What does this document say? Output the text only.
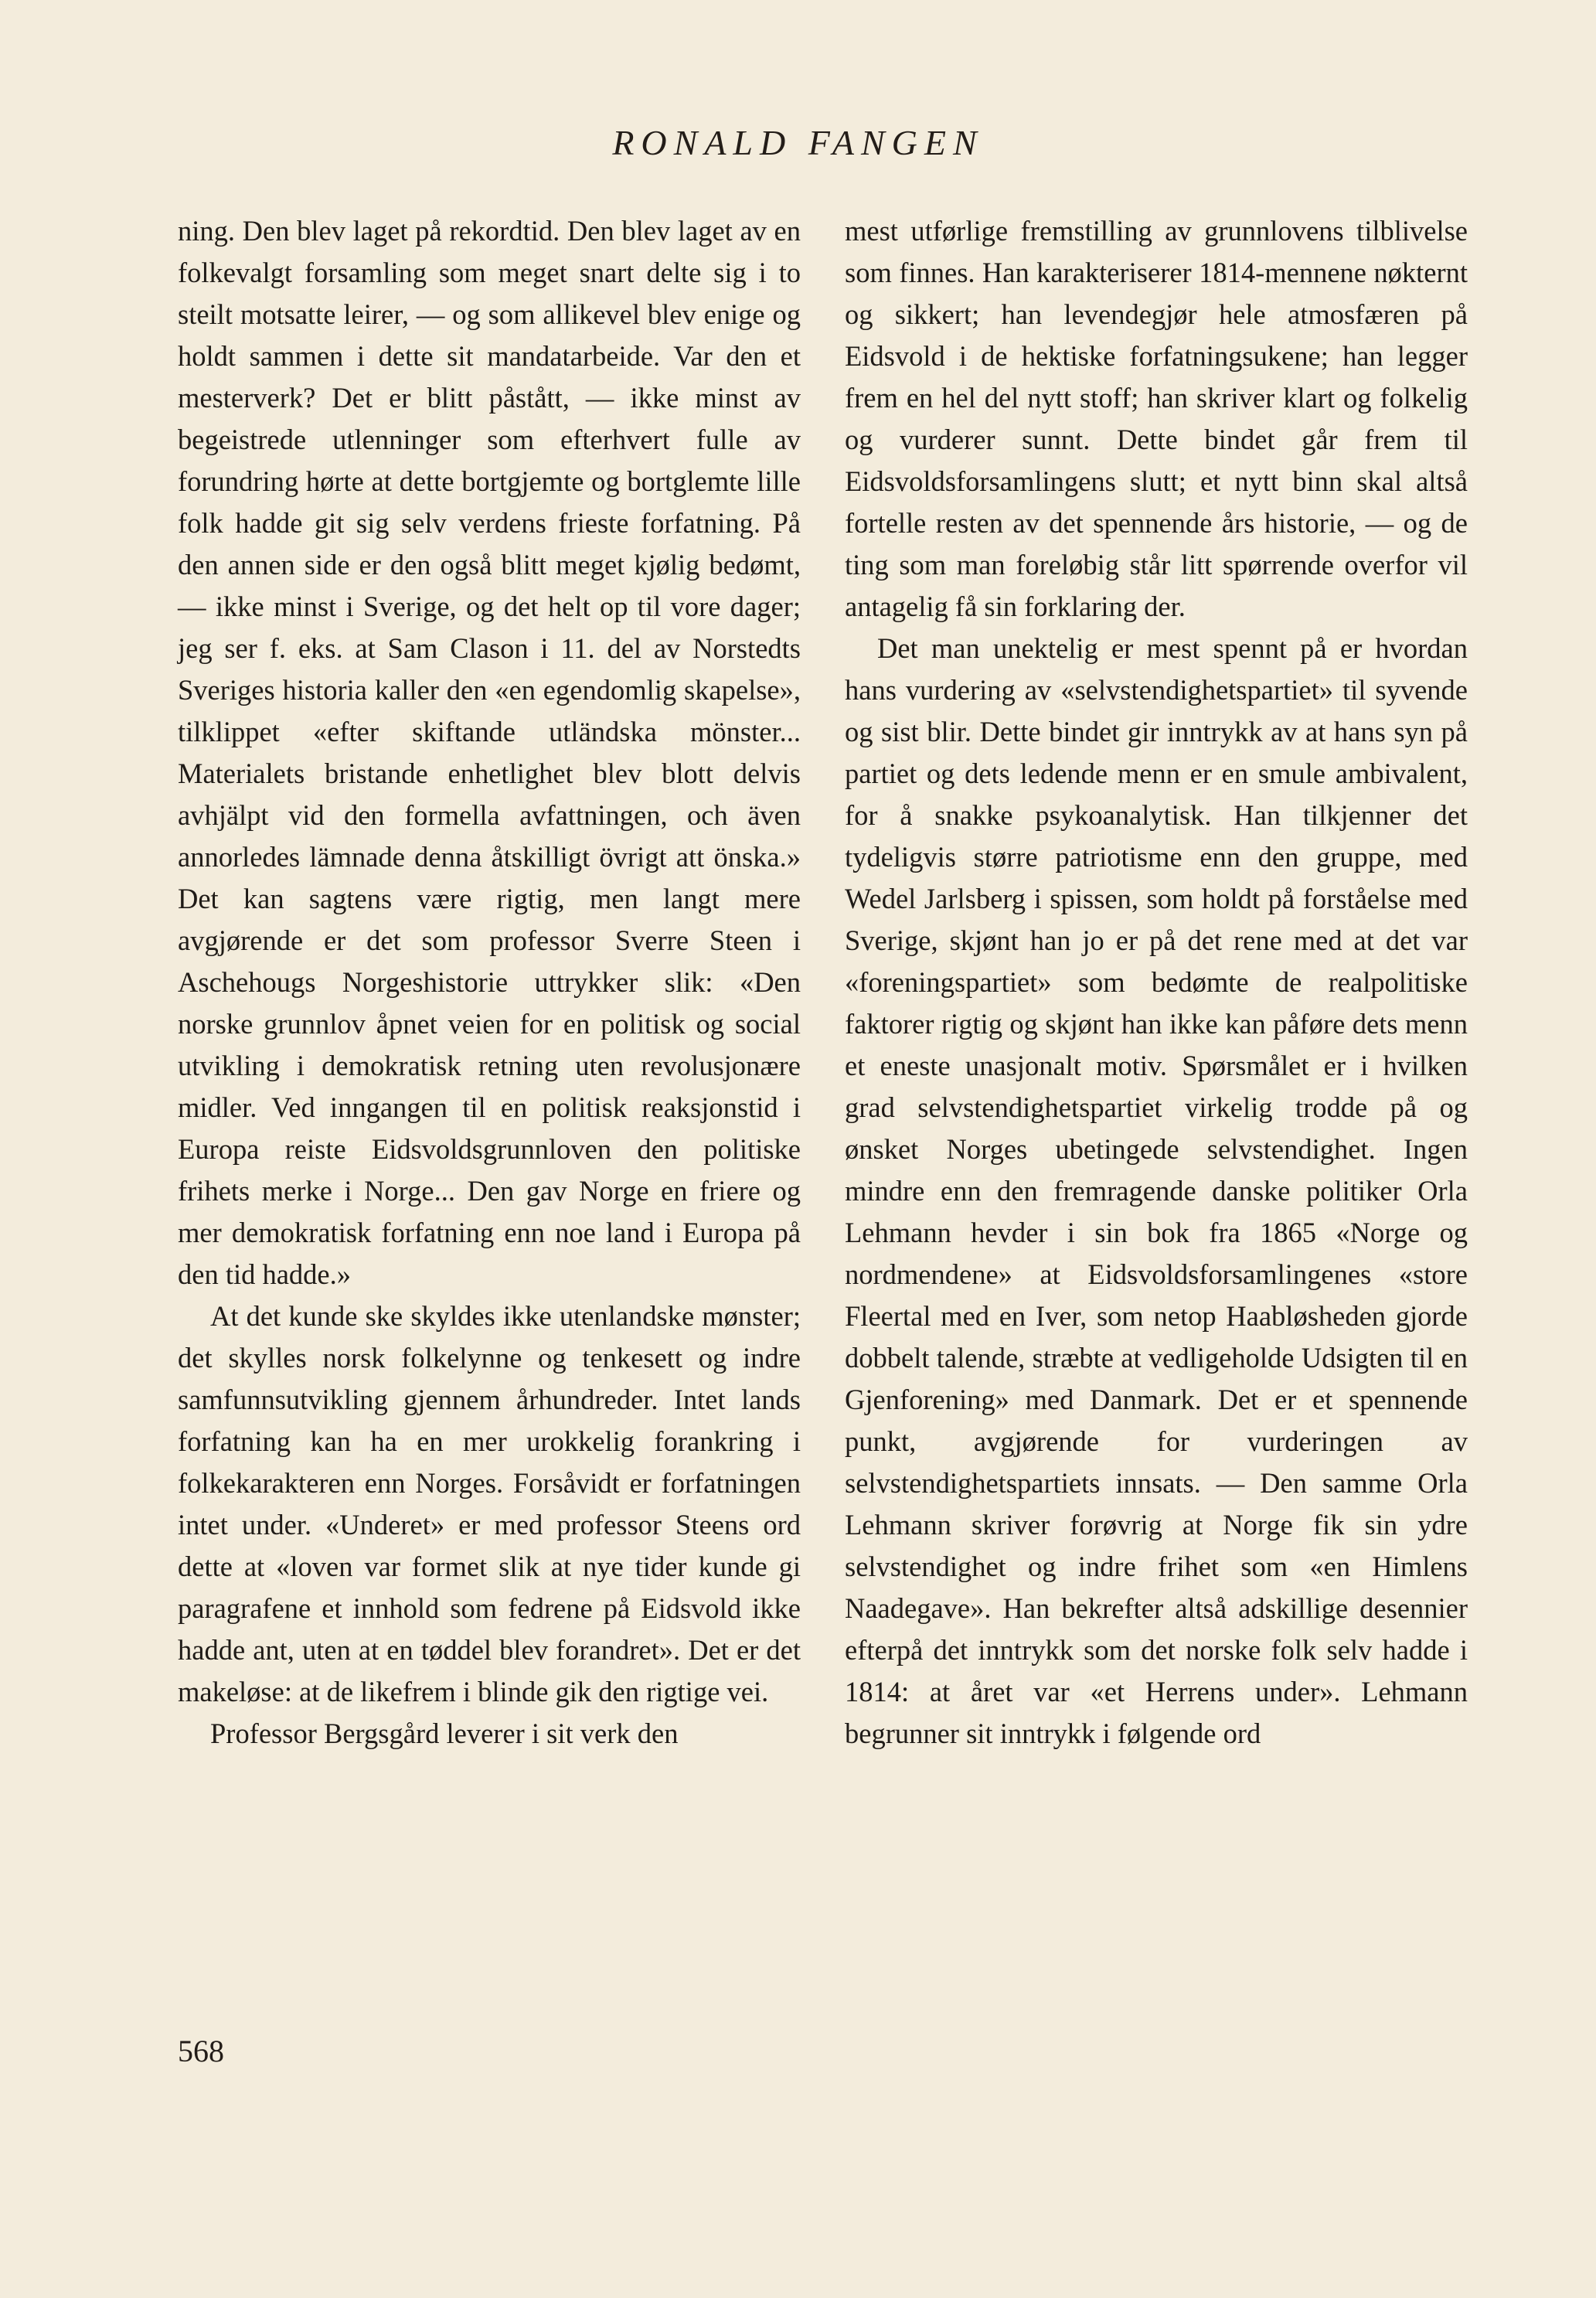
RONALD FANGEN

ning. Den blev laget på rekordtid. Den blev laget av en folkevalgt forsamling som meget snart delte sig i to steilt motsatte leirer, — og som allikevel blev enige og holdt sammen i dette sit mandatarbeide. Var den et mesterverk? Det er blitt påstått, — ikke minst av begeistrede utlenninger som efterhvert fulle av forundring hørte at dette bortgjemte og bortglemte lille folk hadde git sig selv verdens frieste forfatning. På den annen side er den også blitt meget kjølig bedømt, — ikke minst i Sverige, og det helt op til vore dager; jeg ser f. eks. at Sam Clason i 11. del av Norstedts Sveriges historia kaller den «en egendomlig skapelse», tilklippet «efter skiftande utländska mönster... Materialets bristande enhetlighet blev blott delvis avhjälpt vid den formella avfattningen, och även annorledes lämnade denna åtskilligt övrigt att önska.» Det kan sagtens være rigtig, men langt mere avgjørende er det som professor Sverre Steen i Aschehougs Norgeshistorie uttrykker slik: «Den norske grunnlov åpnet veien for en politisk og social utvikling i demokratisk retning uten revolusjonære midler. Ved inngangen til en politisk reaksjonstid i Europa reiste Eidsvoldsgrunnloven den politiske frihets merke i Norge... Den gav Norge en friere og mer demokratisk forfatning enn noe land i Europa på den tid hadde.»

At det kunde ske skyldes ikke utenlandske mønster; det skylles norsk folkelynne og tenkesett og indre samfunnsutvikling gjennem århundreder. Intet lands forfatning kan ha en mer urokkelig forankring i folkekarakteren enn Norges. Forsåvidt er forfatningen intet under. «Underet» er med professor Steens ord dette at «loven var formet slik at nye tider kunde gi paragrafene et innhold som fedrene på Eidsvold ikke hadde ant, uten at en tøddel blev forandret». Det er det makeløse: at de likefrem i blinde gik den rigtige vei.

Professor Bergsgård leverer i sit verk den

mest utførlige fremstilling av grunnlovens tilblivelse som finnes. Han karakteriserer 1814-mennene nøkternt og sikkert; han levendegjør hele atmosfæren på Eidsvold i de hektiske forfatningsukene; han legger frem en hel del nytt stoff; han skriver klart og folkelig og vurderer sunnt. Dette bindet går frem til Eidsvoldsforsamlingens slutt; et nytt binn skal altså fortelle resten av det spennende års historie, — og de ting som man foreløbig står litt spørrende overfor vil antagelig få sin forklaring der.

Det man unektelig er mest spennt på er hvordan hans vurdering av «selvstendighetspartiet» til syvende og sist blir. Dette bindet gir inntrykk av at hans syn på partiet og dets ledende menn er en smule ambivalent, for å snakke psykoanalytisk. Han tilkjenner det tydeligvis større patriotisme enn den gruppe, med Wedel Jarlsberg i spissen, som holdt på forståelse med Sverige, skjønt han jo er på det rene med at det var «foreningspartiet» som bedømte de realpolitiske faktorer rigtig og skjønt han ikke kan påføre dets menn et eneste unasjonalt motiv. Spørsmålet er i hvilken grad selvstendighetspartiet virkelig trodde på og ønsket Norges ubetingede selvstendighet. Ingen mindre enn den fremragende danske politiker Orla Lehmann hevder i sin bok fra 1865 «Norge og nordmendene» at Eidsvoldsforsamlingenes «store Fleertal med en Iver, som netop Haabløsheden gjorde dobbelt talende, stræbte at vedligeholde Udsigten til en Gjenforening» med Danmark. Det er et spennende punkt, avgjørende for vurderingen av selvstendighetspartiets innsats. — Den samme Orla Lehmann skriver forøvrig at Norge fik sin ydre selvstendighet og indre frihet som «en Himlens Naadegave». Han bekrefter altså adskillige desennier efterpå det inntrykk som det norske folk selv hadde i 1814: at året var «et Herrens under». Lehmann begrunner sit inntrykk i følgende ord

568
